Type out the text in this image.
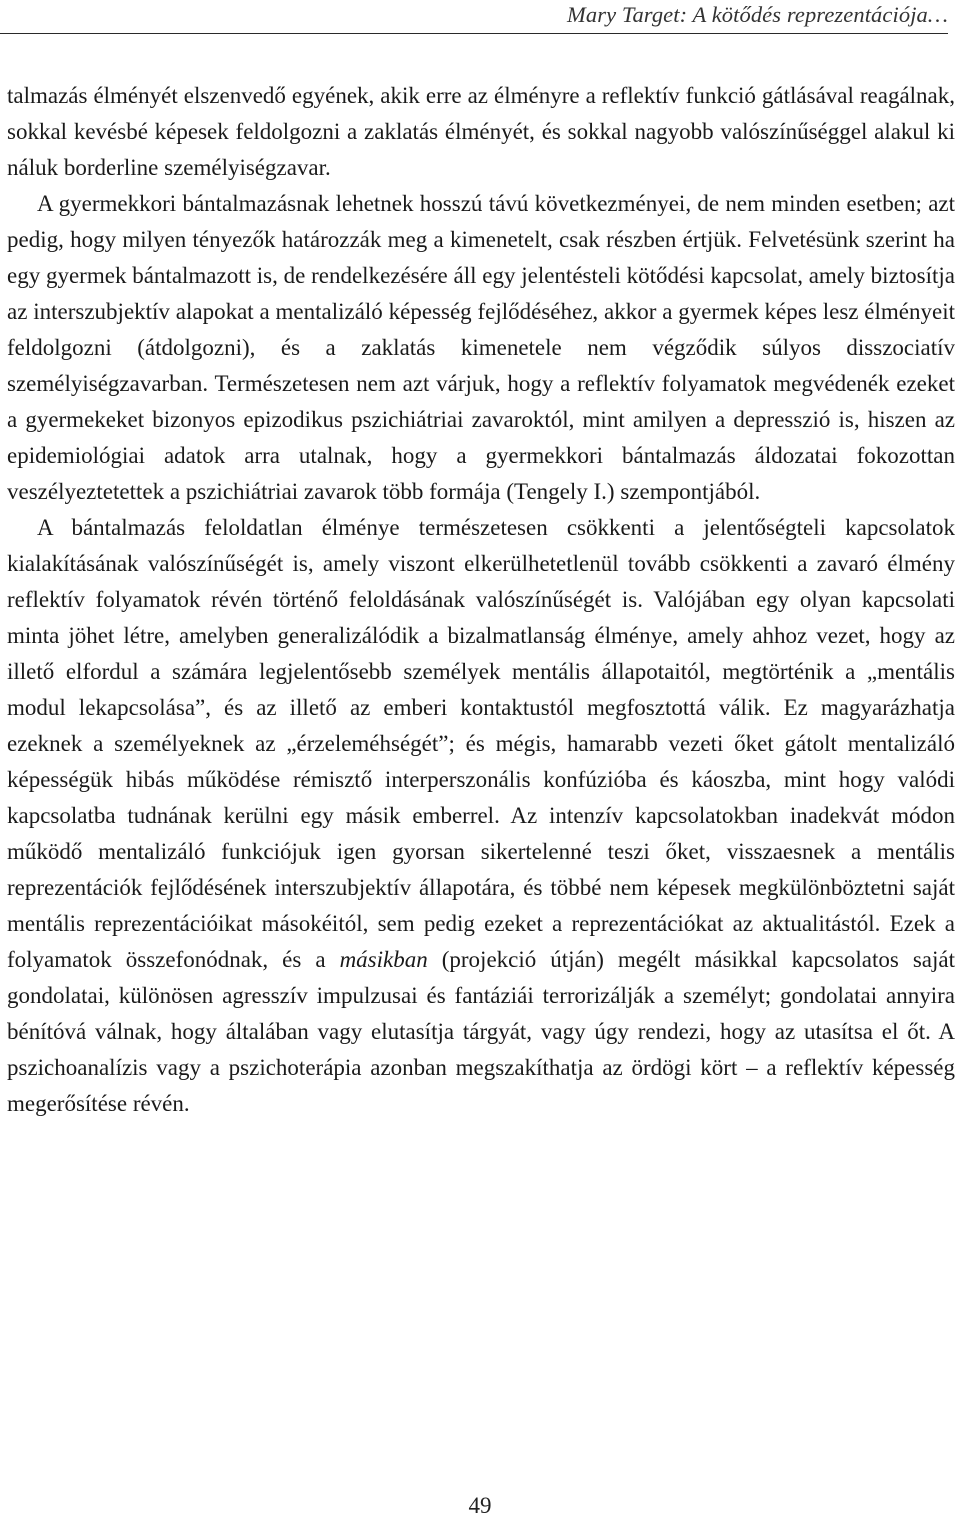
Mary Target: A kötődés reprezentációja…

talmazás élményét elszenvedő egyének, akik erre az élményre a reflektív funkció gátlásával reagálnak, sokkal kevésbé képesek feldolgozni a zaklatás élményét, és sokkal nagyobb valószínűséggel alakul ki náluk borderline személyiségzavar.

A gyermekkori bántalmazásnak lehetnek hosszú távú következményei, de nem minden esetben; azt pedig, hogy milyen tényezők határozzák meg a kimenetelt, csak részben értjük. Felvetésünk szerint ha egy gyermek bántalmazott is, de rendelkezésére áll egy jelentésteli kötődési kapcsolat, amely biztosítja az interszubjektív alapokat a mentalizáló képesség fejlődéséhez, akkor a gyermek képes lesz élményeit feldolgozni (átdolgozni), és a zaklatás kimenetele nem végződik súlyos disszociatív személyiségzavarban. Természetesen nem azt várjuk, hogy a reflektív folyamatok megvédenék ezeket a gyermekeket bizonyos epizodikus pszichiátriai zavaroktól, mint amilyen a depresszió is, hiszen az epidemiológiai adatok arra utalnak, hogy a gyermekkori bántalmazás áldozatai fokozottan veszélyeztetettek a pszichiátriai zavarok több formája (Tengely I.) szempontjából.

A bántalmazás feloldatlan élménye természetesen csökkenti a jelentőségteli kapcsolatok kialakításának valószínűségét is, amely viszont elkerülhetetlenül tovább csökkenti a zavaró élmény reflektív folyamatok révén történő feloldásának valószínűségét is. Valójában egy olyan kapcsolati minta jöhet létre, amelyben generalizálódik a bizalmatlanság élménye, amely ahhoz vezet, hogy az illető elfordul a számára legjelentősebb személyek mentális állapotaitól, megtörténik a „mentális modul lekapcsolása”, és az illető az emberi kontaktustól megfosztottá válik. Ez magyarázhatja ezeknek a személyeknek az „érzeleméhségét”; és mégis, hamarabb vezeti őket gátolt mentalizáló képességük hibás működése rémisztő interperszonális konfúzióba és káoszba, mint hogy valódi kapcsolatba tudnának kerülni egy másik emberrel. Az intenzív kapcsolatokban inadekvát módon működő mentalizáló funkciójuk igen gyorsan sikertelenné teszi őket, visszaesnek a mentális reprezentációk fejlődésének interszubjektív állapotára, és többé nem képesek megkülönböztetni saját mentális reprezentációikat másokéitól, sem pedig ezeket a reprezentációkat az aktualitástól. Ezek a folyamatok összefonódnak, és a másikban (projekció útján) megélt másikkal kapcsolatos saját gondolatai, különösen agresszív impulzusai és fantáziái terrorizálják a személyt; gondolatai annyira bénítóvá válnak, hogy általában vagy elutasítja tárgyát, vagy úgy rendezi, hogy az utasítsa el őt. A pszichoanalízis vagy a pszichoterápia azonban megszakíthatja az ördögi kört – a reflektív képesség megerősítése révén.

49
